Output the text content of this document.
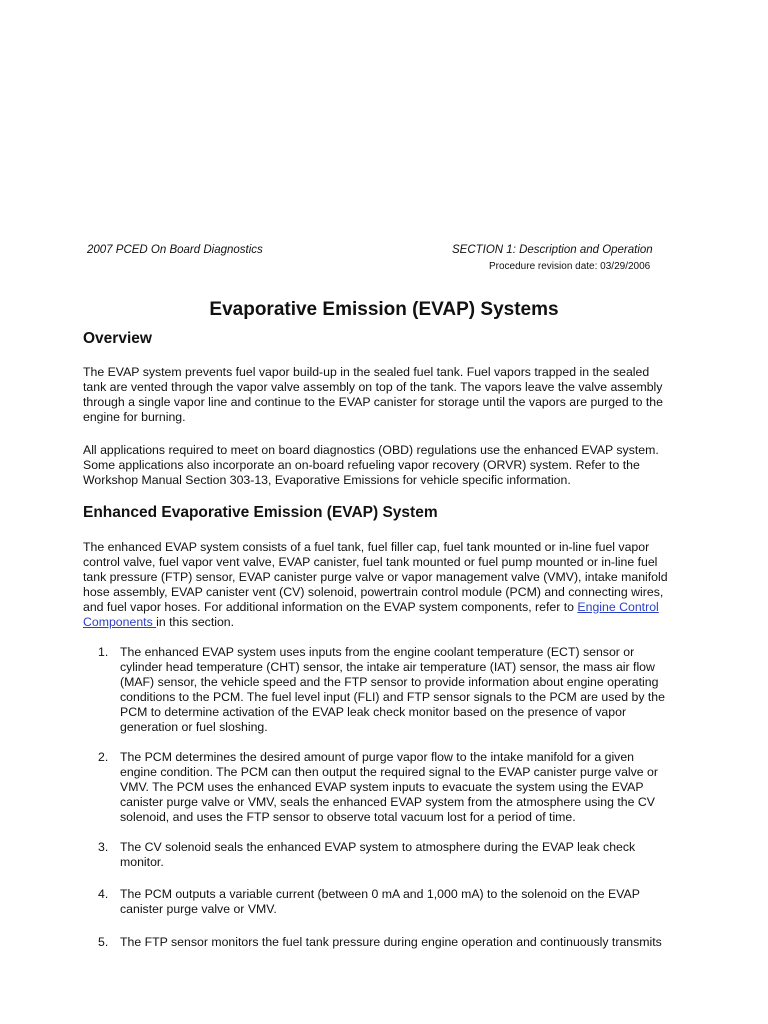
2007 PCED On Board Diagnostics	SECTION 1: Description and Operation
Procedure revision date: 03/29/2006
Evaporative Emission (EVAP) Systems
Overview
The EVAP system prevents fuel vapor build-up in the sealed fuel tank. Fuel vapors trapped in the sealed
tank are vented through the vapor valve assembly on top of the tank. The vapors leave the valve assembly
through a single vapor line and continue to the EVAP canister for storage until the vapors are purged to the
engine for burning.
All applications required to meet on board diagnostics (OBD) regulations use the enhanced EVAP system.
Some applications also incorporate an on-board refueling vapor recovery (ORVR) system. Refer to the
Workshop Manual Section 303-13, Evaporative Emissions for vehicle specific information.
Enhanced Evaporative Emission (EVAP) System
The enhanced EVAP system consists of a fuel tank, fuel filler cap, fuel tank mounted or in-line fuel vapor
control valve, fuel vapor vent valve, EVAP canister, fuel tank mounted or fuel pump mounted or in-line fuel
tank pressure (FTP) sensor, EVAP canister purge valve or vapor management valve (VMV), intake manifold
hose assembly, EVAP canister vent (CV) solenoid, powertrain control module (PCM) and connecting wires,
and fuel vapor hoses. For additional information on the EVAP system components, refer to Engine Control
Components in this section.
1. The enhanced EVAP system uses inputs from the engine coolant temperature (ECT) sensor or
cylinder head temperature (CHT) sensor, the intake air temperature (IAT) sensor, the mass air flow
(MAF) sensor, the vehicle speed and the FTP sensor to provide information about engine operating
conditions to the PCM. The fuel level input (FLI) and FTP sensor signals to the PCM are used by the
PCM to determine activation of the EVAP leak check monitor based on the presence of vapor
generation or fuel sloshing.
2. The PCM determines the desired amount of purge vapor flow to the intake manifold for a given
engine condition. The PCM can then output the required signal to the EVAP canister purge valve or
VMV. The PCM uses the enhanced EVAP system inputs to evacuate the system using the EVAP
canister purge valve or VMV, seals the enhanced EVAP system from the atmosphere using the CV
solenoid, and uses the FTP sensor to observe total vacuum lost for a period of time.
3. The CV solenoid seals the enhanced EVAP system to atmosphere during the EVAP leak check
monitor.
4. The PCM outputs a variable current (between 0 mA and 1,000 mA) to the solenoid on the EVAP
canister purge valve or VMV.
5. The FTP sensor monitors the fuel tank pressure during engine operation and continuously transmits
